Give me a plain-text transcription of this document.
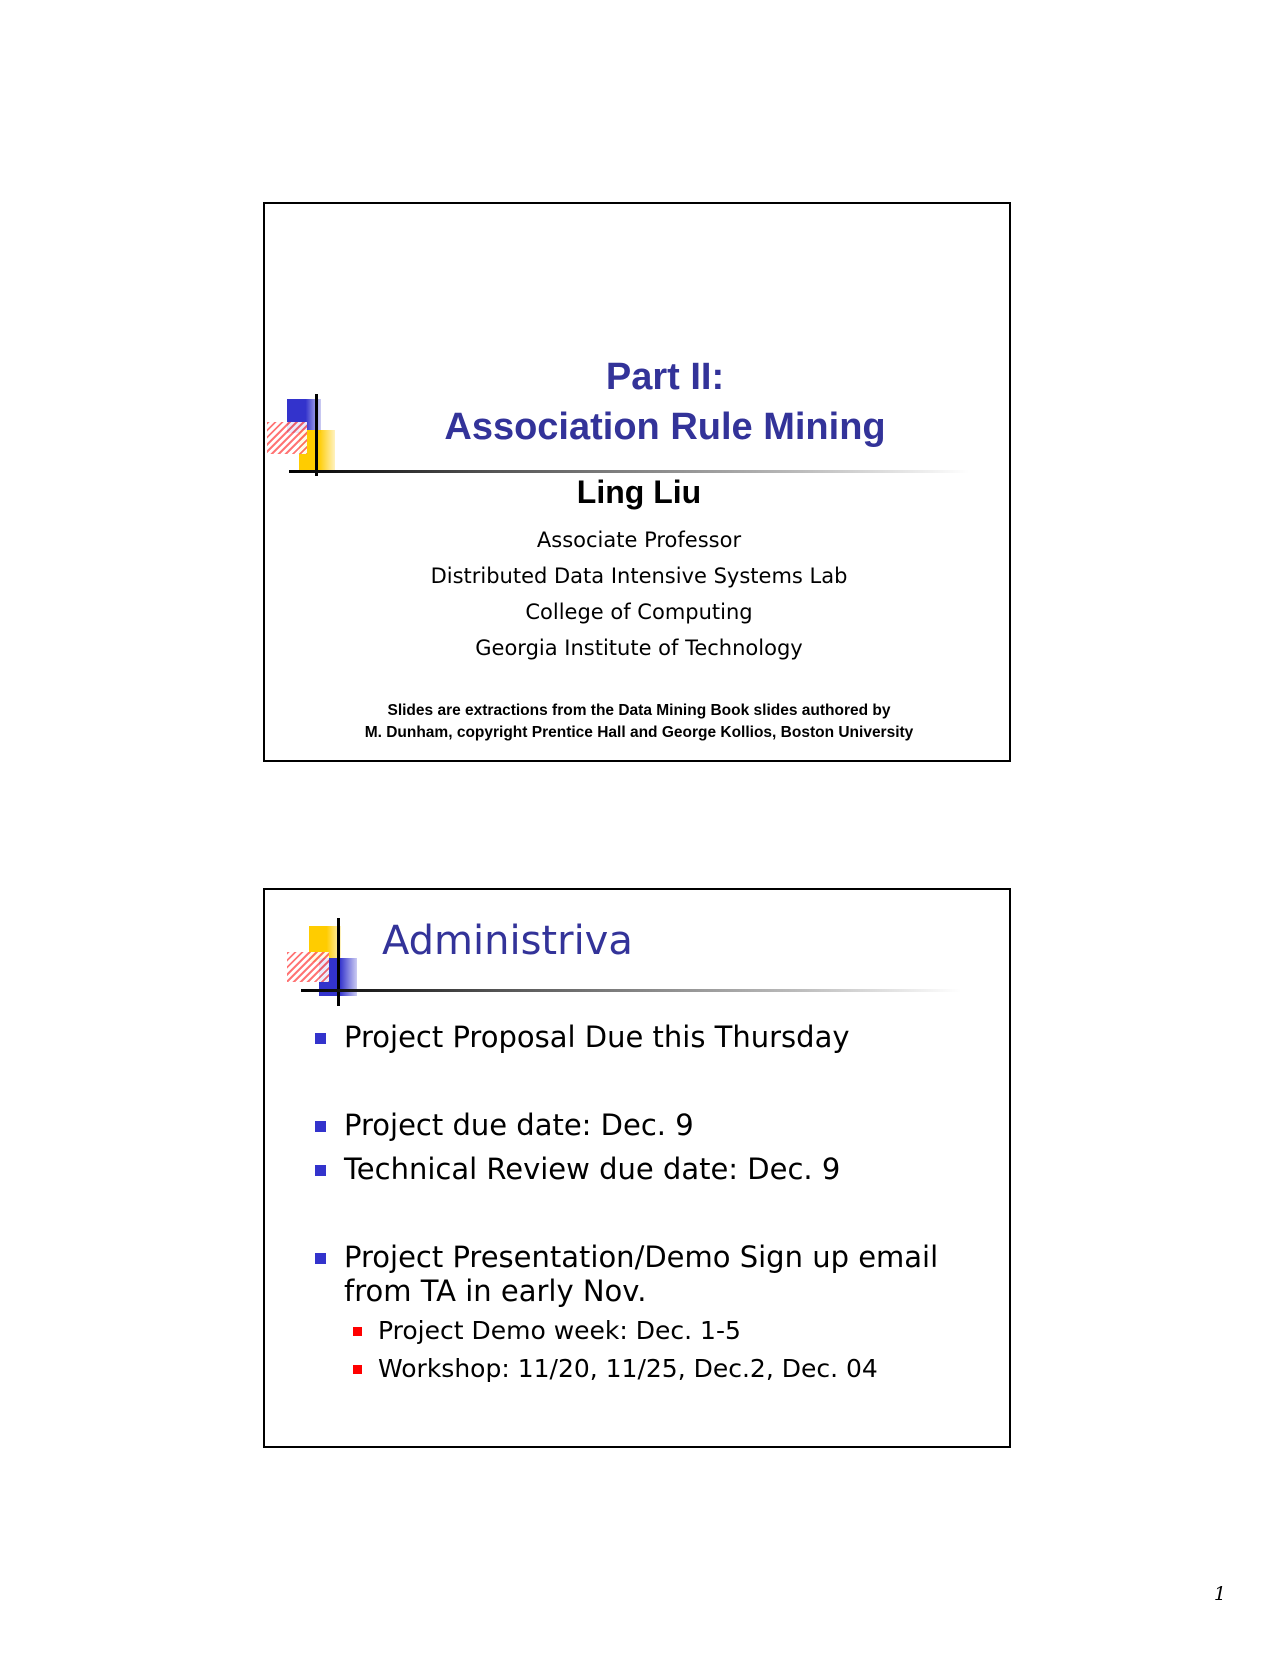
Part II:
Association Rule Mining
Ling Liu
Associate Professor
Distributed Data Intensive Systems Lab
College of Computing
Georgia Institute of Technology
Slides are extractions from the Data Mining Book slides authored by
M. Dunham, copyright Prentice Hall and George Kollios, Boston University
Administriva
Project Proposal Due this Thursday
Project due date: Dec. 9
Technical Review due date: Dec. 9
Project Presentation/Demo Sign up email from TA in early Nov.
Project Demo week: Dec. 1-5
Workshop: 11/20, 11/25, Dec.2, Dec. 04
1
